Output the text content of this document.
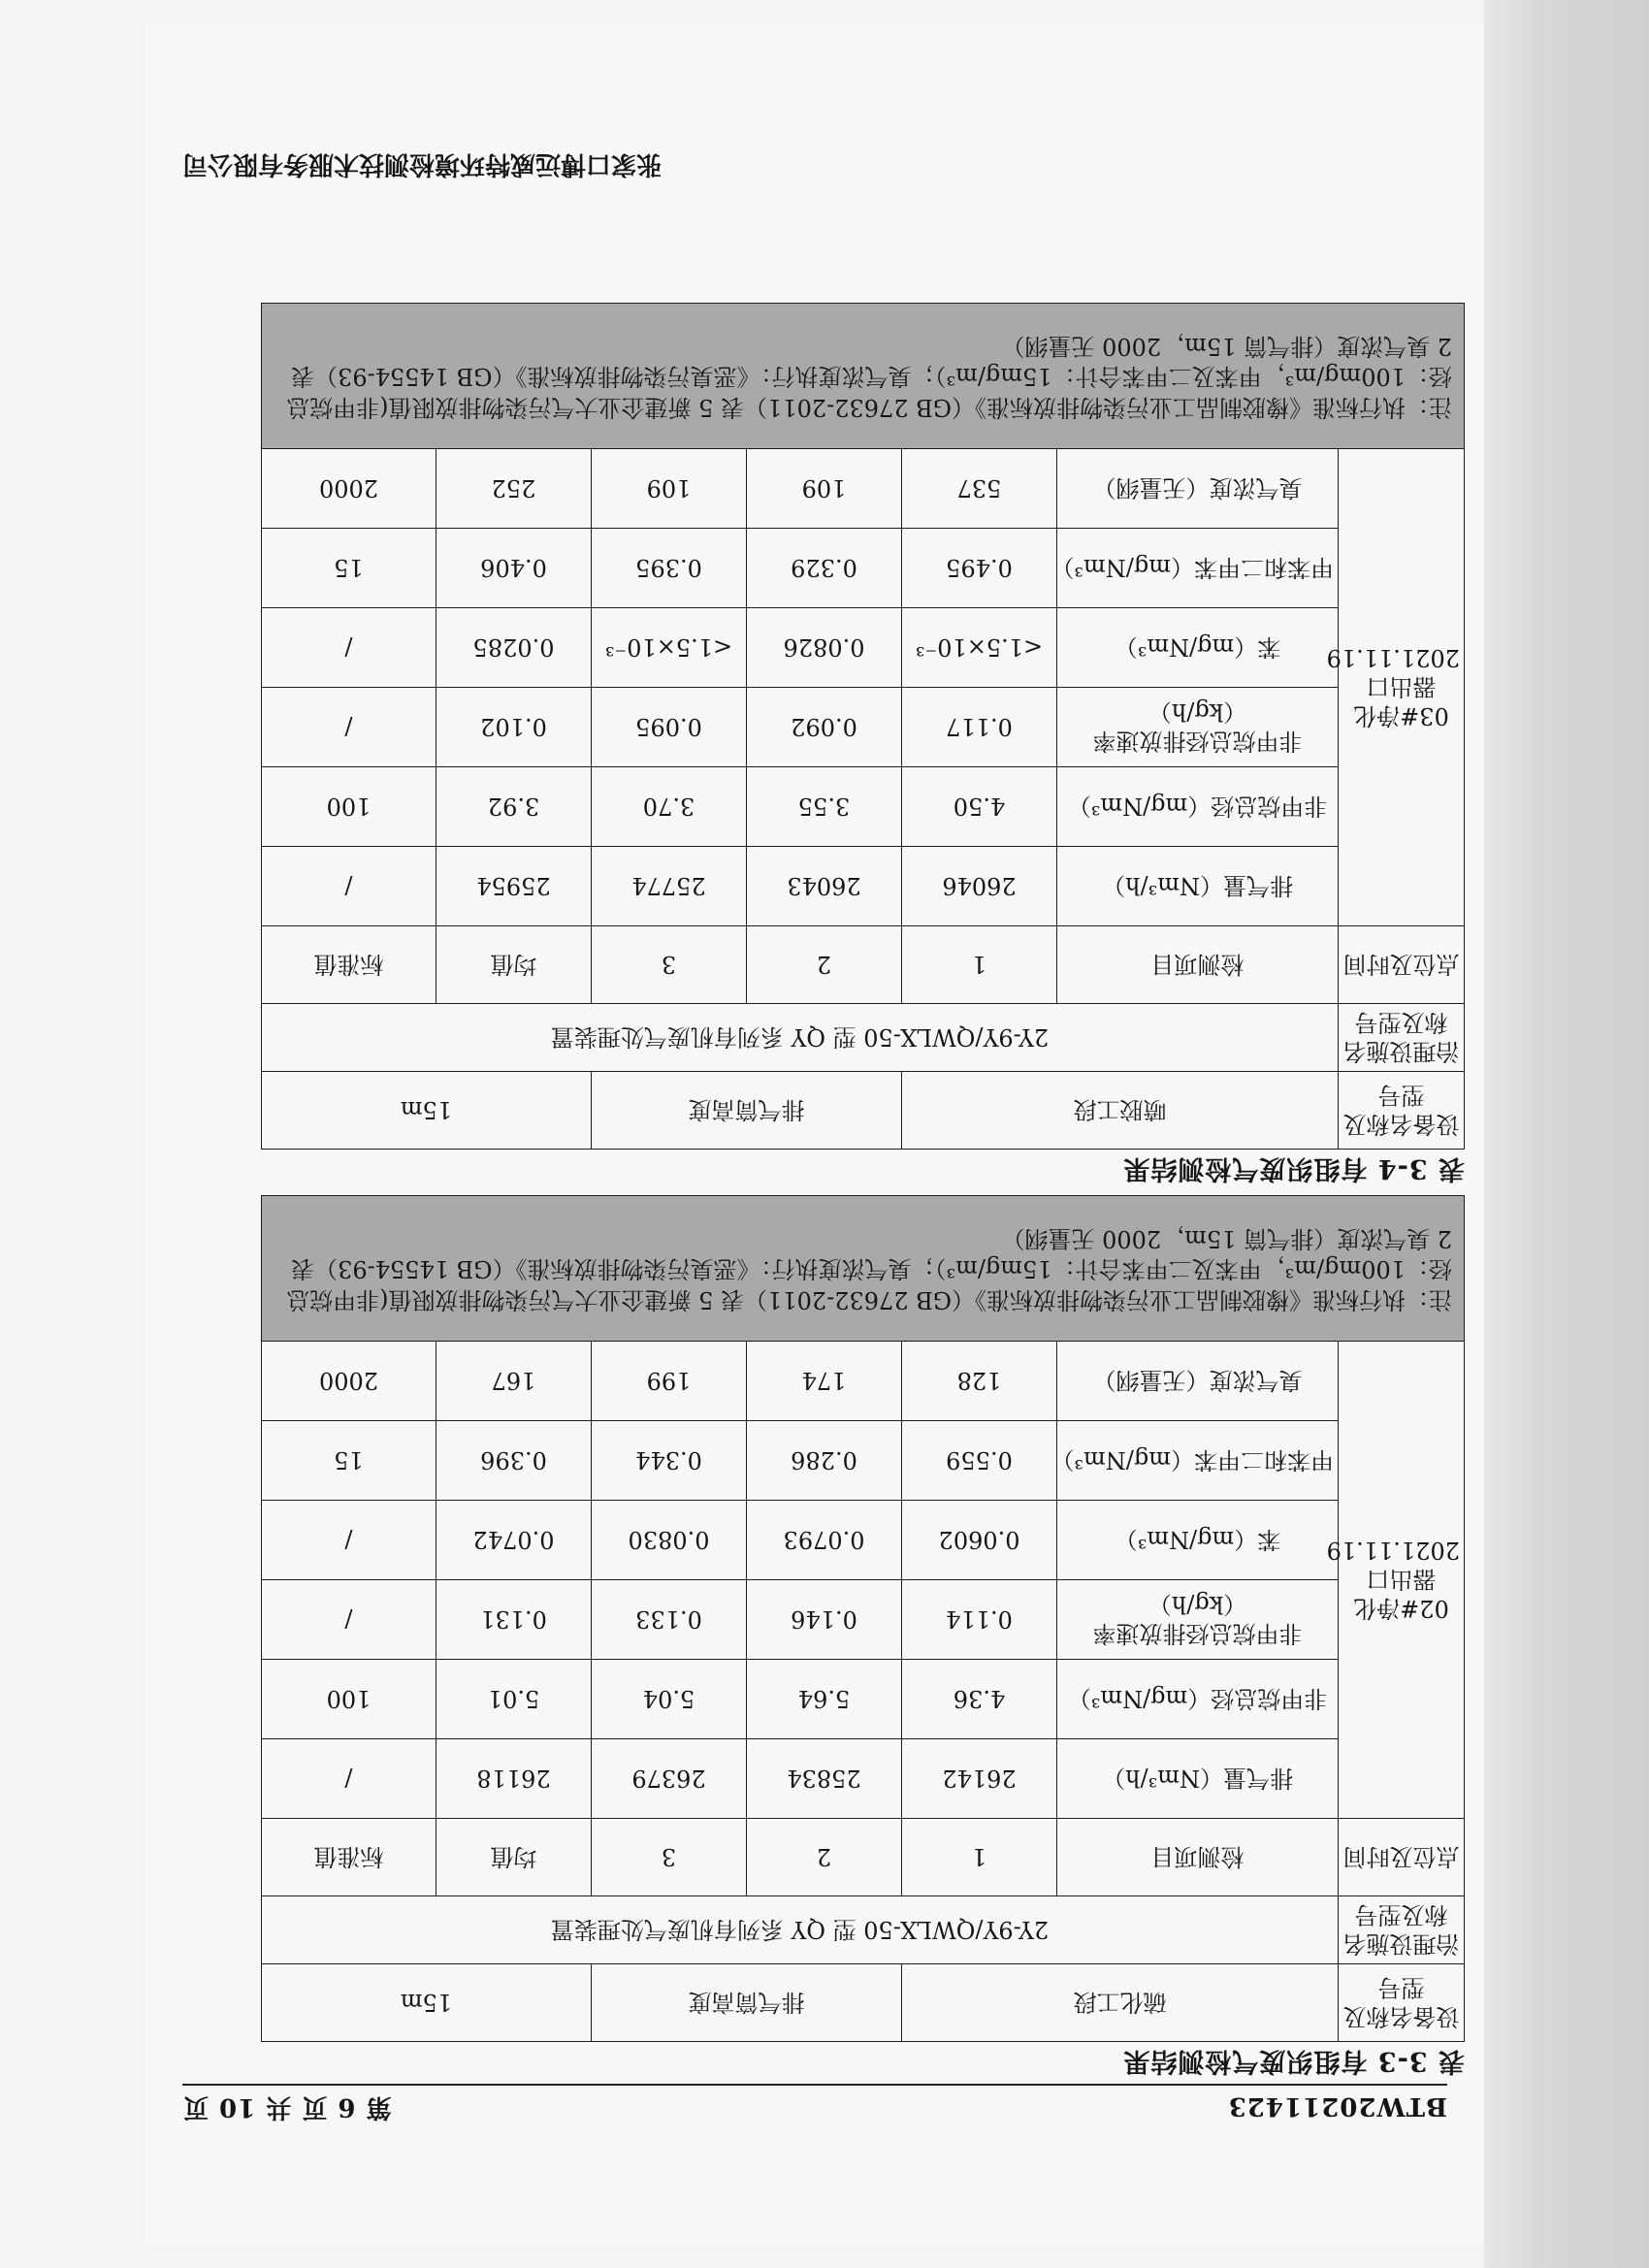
BTW20211423
第 6 页 共 10 页
表 3-3 有组织废气检测结果
设备名称及型号	硫化工段		排气筒高度		15m	
治理设施名称及型号	2Y-9Y/QWLX-50 型 QY 系列有机废气处理装置					
点位及时间	检测项目	1	2	3	均值	标准值

02#净化器出口
2021.11.19	排气量（Nm³/h）	26142	25834	26379	26118	/
	非甲烷总烃（mg/Nm³）	4.36	5.64	5.04	5.01	100
	非甲烷总烃排放速率（kg/h）	0.114	0.146	0.133	0.131	/
	苯（mg/Nm³）	0.0602	0.0793	0.0830	0.0742	/
	甲苯和二甲苯（mg/Nm³）	0.559	0.286	0.344	0.396	15
	臭气浓度（无量纲）	128	174	199	167	2000
注：执行标准《橡胶制品工业污染物排放标准》（GB 27632-2011）表 5 新建企业大气污染物排放限值(非甲烷总烃：100mg/m³，甲苯及二甲苯合计：15mg/m³）；臭气浓度执行：《恶臭污染物排放标准》（GB 14554-93）表 2 臭气浓度（排气筒 15m，2000 无量纲）						
表 3-4 有组织废气检测结果
设备名称及型号	喷胶工段		排气筒高度		15m	
治理设施名称及型号	2Y-9Y/QWLX-50 型 QY 系列有机废气处理装置					
点位及时间	检测项目	1	2	3	均值	标准值

03#净化器出口
2021.11.19	排气量（Nm³/h）	26046	26043	25774	25954	/
	非甲烷总烃（mg/Nm³）	4.50	3.55	3.70	3.92	100
	非甲烷总烃排放速率（kg/h）	0.117	0.092	0.095	0.102	/
	苯（mg/Nm³）	<1.5×10⁻³	0.0826	<1.5×10⁻³	0.0285	/
	甲苯和二甲苯（mg/Nm³）	0.495	0.329	0.395	0.406	15
	臭气浓度（无量纲）	537	109	109	252	2000
注：执行标准《橡胶制品工业污染物排放标准》（GB 27632-2011）表 5 新建企业大气污染物排放限值(非甲烷总烃：100mg/m³，甲苯及二甲苯合计：15mg/m³）；臭气浓度执行：《恶臭污染物排放标准》（GB 14554-93）表 2 臭气浓度（排气筒 15m，2000 无量纲）						
张家口博远威特环境检测技术服务有限公司
